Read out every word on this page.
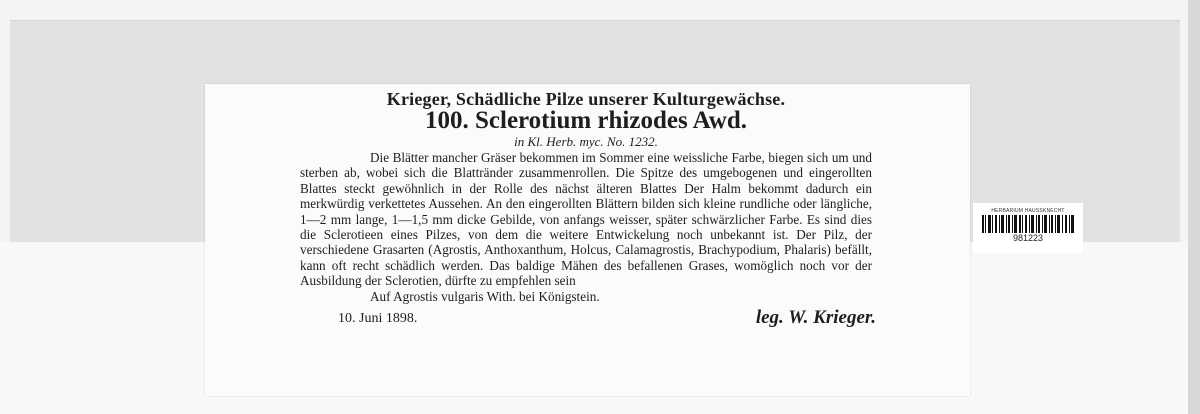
Krieger, Schädliche Pilze unserer Kulturgewächse.
100. Sclerotium rhizodes Awd.
in Kl. Herb. myc. No. 1232.
Die Blätter mancher Gräser bekommen im Sommer eine weissliche Farbe, biegen sich um und sterben ab, wobei sich die Blattränder zusammenrollen. Die Spitze des umgebogenen und eingerollten Blattes steckt gewöhnlich in der Rolle des nächst älteren Blattes Der Halm bekommt dadurch ein merkwürdig verkettetes Aussehen. An den eingerollten Blättern bilden sich kleine rundliche oder längliche, 1—2 mm lange, 1—1,5 mm dicke Gebilde, von anfangs weisser, später schwärzlicher Farbe. Es sind dies die Sclerotieen eines Pilzes, von dem die weitere Entwickelung noch unbekannt ist. Der Pilz, der verschiedene Grasarten (Agrostis, Anthoxanthum, Holcus, Calamagrostis, Brachypodium, Phalaris) befällt, kann oft recht schädlich werden. Das baldige Mähen des befallenen Grases, womöglich noch vor der Ausbildung der Sclerotien, dürfte zu empfehlen sein
Auf Agrostis vulgaris With. bei Königstein.
10. Juni 1898.	leg. W. Krieger.
HERBARIUM HAUSSKNECHT
981223
